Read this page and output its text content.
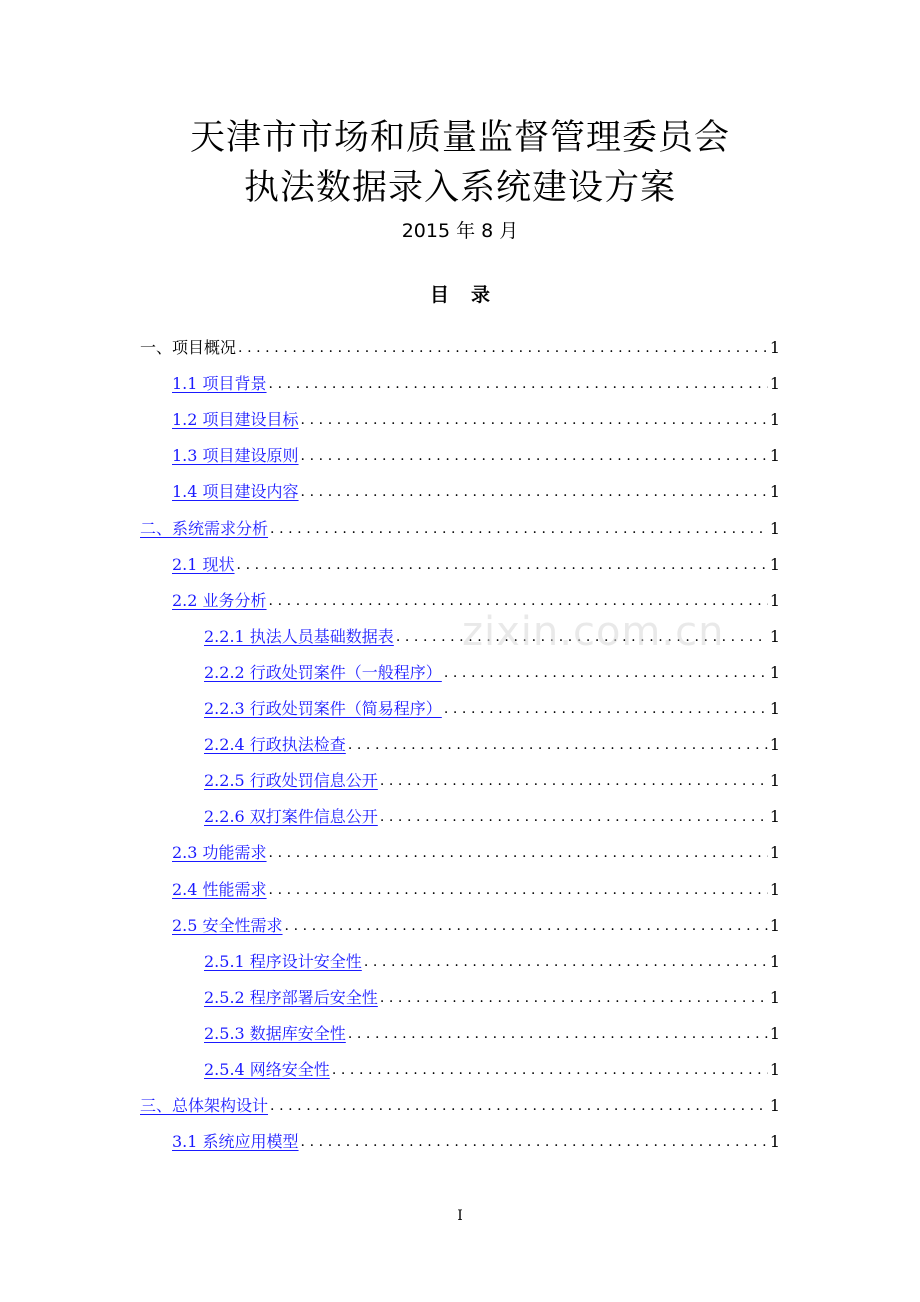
天津市市场和质量监督管理委员会
执法数据录入系统建设方案
2015 年 8 月
目录
一、项目概况 .....	1
1.1 项目背景 .....	1
1.2 项目建设目标 .....	1
1.3 项目建设原则 .....	1
1.4 项目建设内容 .....	1
二、系统需求分析 .....	1
2.1 现状 .....	1
2.2 业务分析 .....	1
2.2.1 执法人员基础数据表 .....	1
2.2.2 行政处罚案件（一般程序） .....	1
2.2.3 行政处罚案件（简易程序） .....	1
2.2.4 行政执法检查 .....	1
2.2.5 行政处罚信息公开 .....	1
2.2.6 双打案件信息公开 .....	1
2.3 功能需求 .....	1
2.4 性能需求 .....	1
2.5 安全性需求 .....	1
2.5.1 程序设计安全性 .....	1
2.5.2 程序部署后安全性 .....	1
2.5.3 数据库安全性 .....	1
2.5.4 网络安全性 .....	1
三、总体架构设计 .....	1
3.1 系统应用模型 .....	1
zixin.com.cn
I
